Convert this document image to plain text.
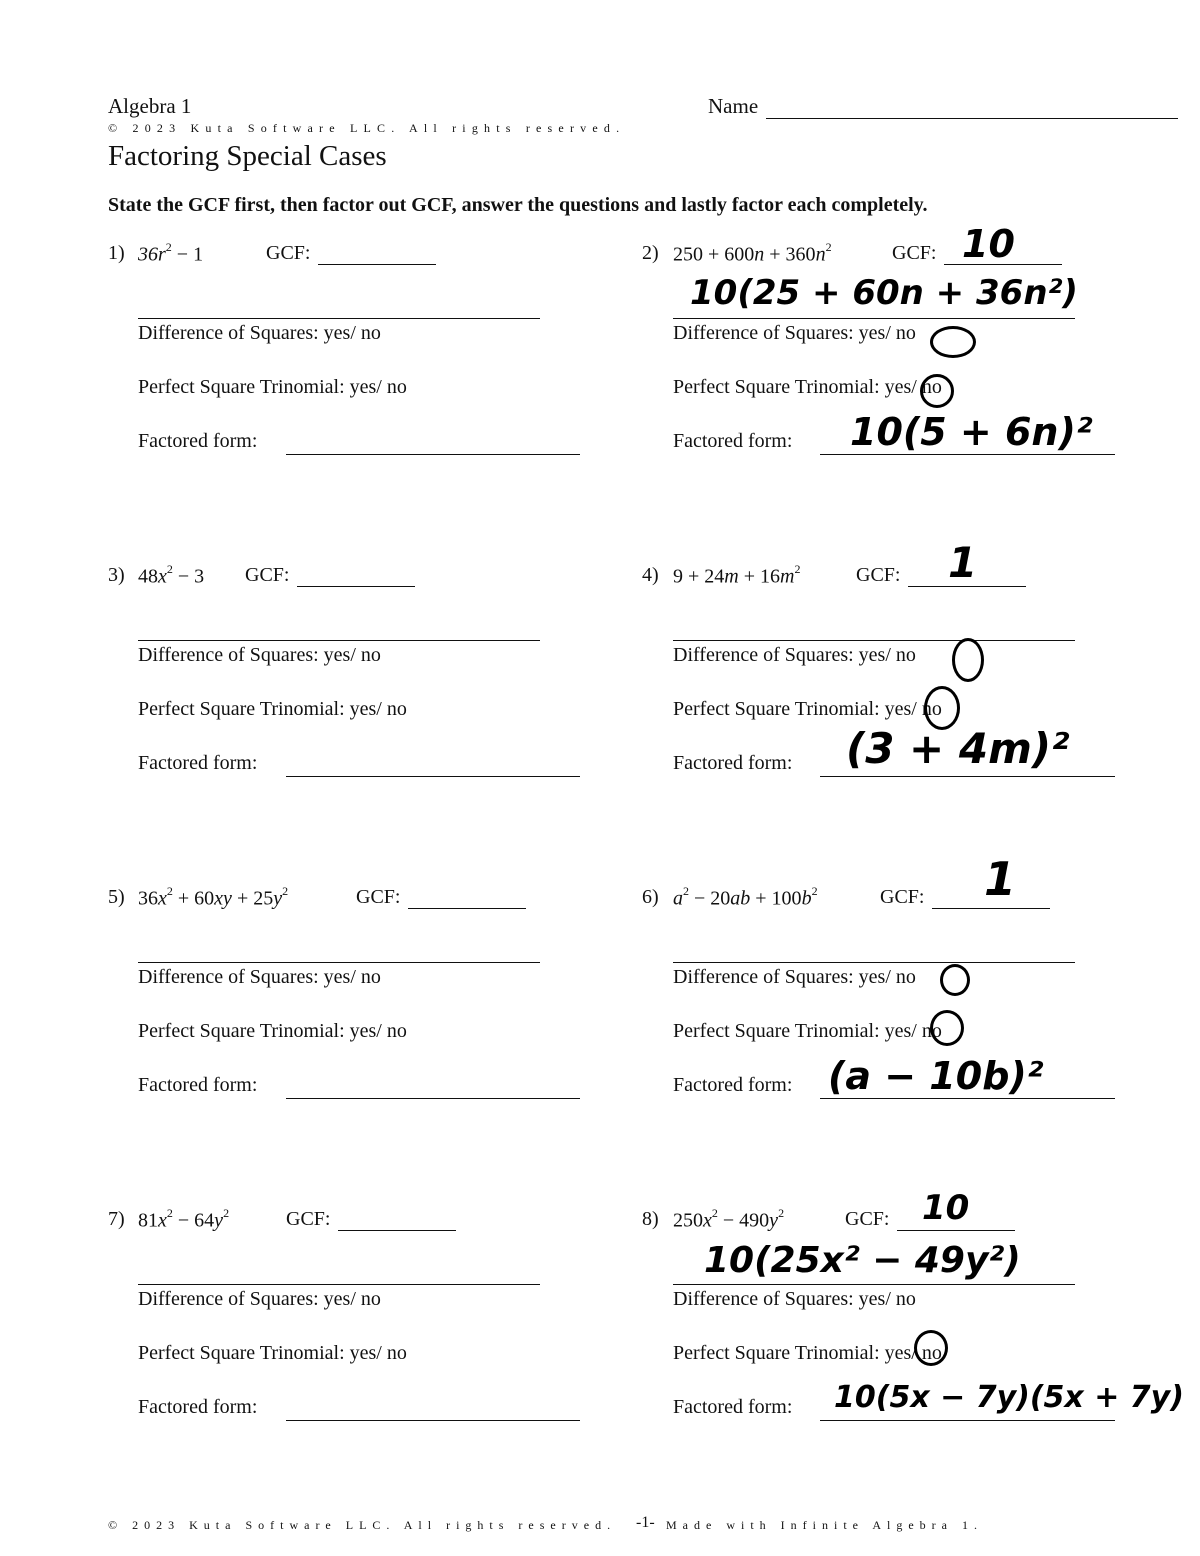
Algebra 1	Name
© 2023 Kuta Software LLC. All rights reserved.
Factoring Special Cases
State the GCF first, then factor out GCF, answer the questions and lastly factor each completely.
1) $36r^2 - 1$	GCF:
Difference of Squares: yes/ no
Perfect Square Trinomial: yes/ no
Factored form:
2) $250 + 600n + 360n^2$	GCF: 10
10(25 + 60n + 36n²)
Difference of Squares: yes/ no
Perfect Square Trinomial: yes/ no
Factored form: 10(5 + 6n)²
3) $48x^2 - 3$ GCF:
Difference of Squares: yes/ no
Perfect Square Trinomial: yes/ no
Factored form:
4) $9 + 24m + 16m^2$	GCF: 1
Difference of Squares: yes/ no
Perfect Square Trinomial: yes/ no
Factored form: (3 + 4m)²
5) $36x^2 + 60xy + 25y^2$	GCF:
Difference of Squares: yes/ no
Perfect Square Trinomial: yes/ no
Factored form:
6) $a^2 - 20ab + 100b^2$	GCF: 1
Difference of Squares: yes/ no
Perfect Square Trinomial: yes/ no
Factored form: (a − 10b)²
7) $81x^2 - 64y^2$	GCF:
Difference of Squares: yes/ no
Perfect Square Trinomial: yes/ no
Factored form:
8) $250x^2 - 490y^2$	GCF: 10
10(25x² − 49y²)
Difference of Squares: yes/ no
Perfect Square Trinomial: yes/ no
Factored form: 10(5x − 7y)(5x + 7y)
© 2023 Kuta Software LLC. All rights reserved.	Made with Infinite Algebra 1.
-1-
